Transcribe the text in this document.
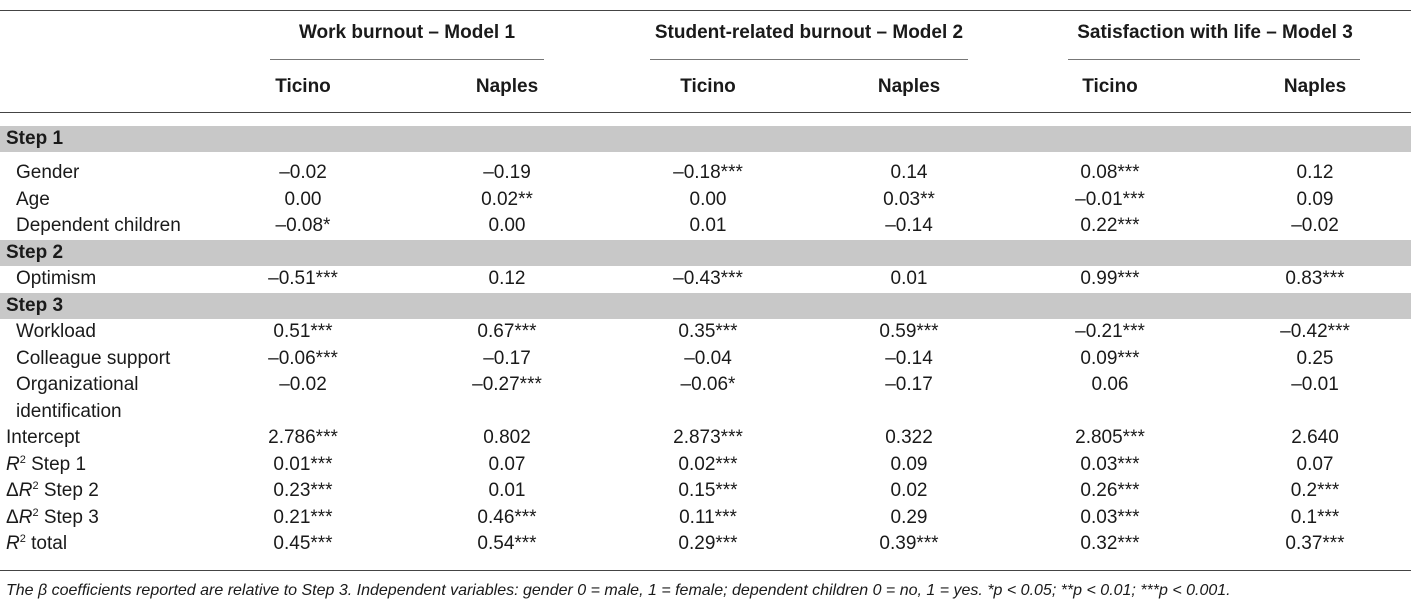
Work burnout – Model 1	Student-related burnout – Model 2	Satisfaction with life – Model 3
Ticino	Naples	Ticino	Naples	Ticino	Naples
Step 1
Gender	–0.02	–0.19	–0.18***	0.14	0.08***	0.12
Age	0.00	0.02**	0.00	0.03**	–0.01***	0.09
Dependent children	–0.08*	0.00	0.01	–0.14	0.22***	–0.02
Step 2
Optimism	–0.51***	0.12	–0.43***	0.01	0.99***	0.83***
Step 3
Workload	0.51***	0.67***	0.35***	0.59***	–0.21***	–0.42***
Colleague support	–0.06***	–0.17	–0.04	–0.14	0.09***	0.25
Organizational	–0.02	–0.27***	–0.06*	–0.17	0.06	–0.01
identification
Intercept	2.786***	0.802	2.873***	0.322	2.805***	2.640
$R^2$ Step 1	0.01***	0.07	0.02***	0.09	0.03***	0.07
$\Delta R^2$ Step 2	0.23***	0.01	0.15***	0.02	0.26***	0.2***
$\Delta R^2$ Step 3	0.21***	0.46***	0.11***	0.29	0.03***	0.1***
$R^2$ total	0.45***	0.54***	0.29***	0.39***	0.32***	0.37***
The β coefficients reported are relative to Step 3. Independent variables: gender 0 = male, 1 = female; dependent children 0 = no, 1 = yes. *p < 0.05; **p < 0.01; ***p < 0.001.
